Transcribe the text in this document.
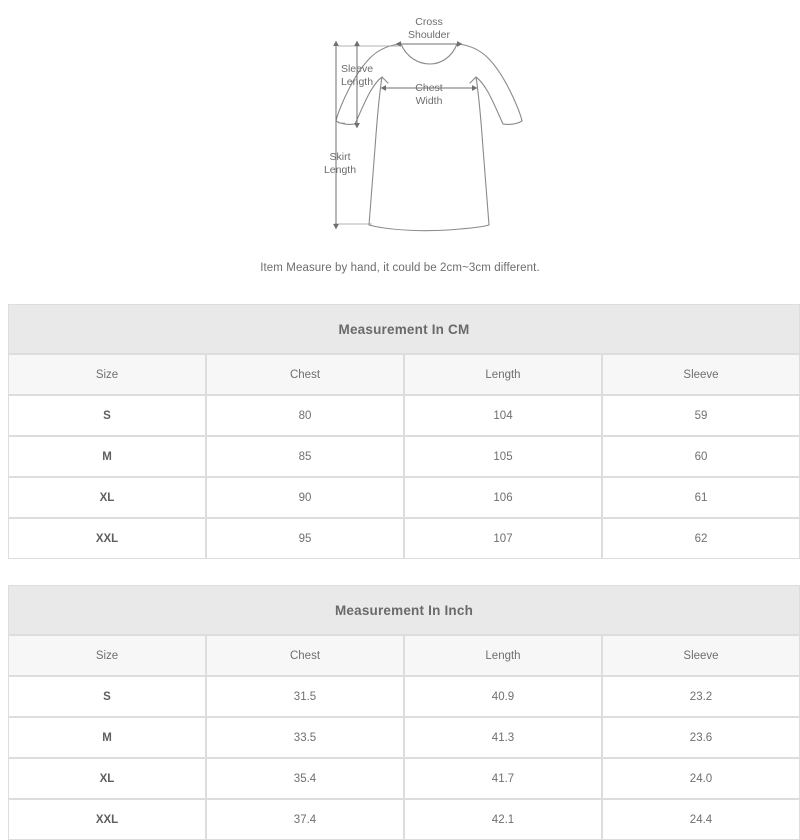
Cross
Shoulder
Sleeve
Length	Chest
Width
Skirt
Length
Item Measure by hand, it could be 2cm~3cm different.
Measurement In CM			
Size	Chest	Length	Sleeve
S	80	104	59
M	85	105	60
XL	90	106	61
XXL	95	107	62
Measurement In Inch			
Size	Chest	Length	Sleeve
S	31.5	40.9	23.2
M	33.5	41.3	23.6
XL	35.4	41.7	24.0
XXL	37.4	42.1	24.4
